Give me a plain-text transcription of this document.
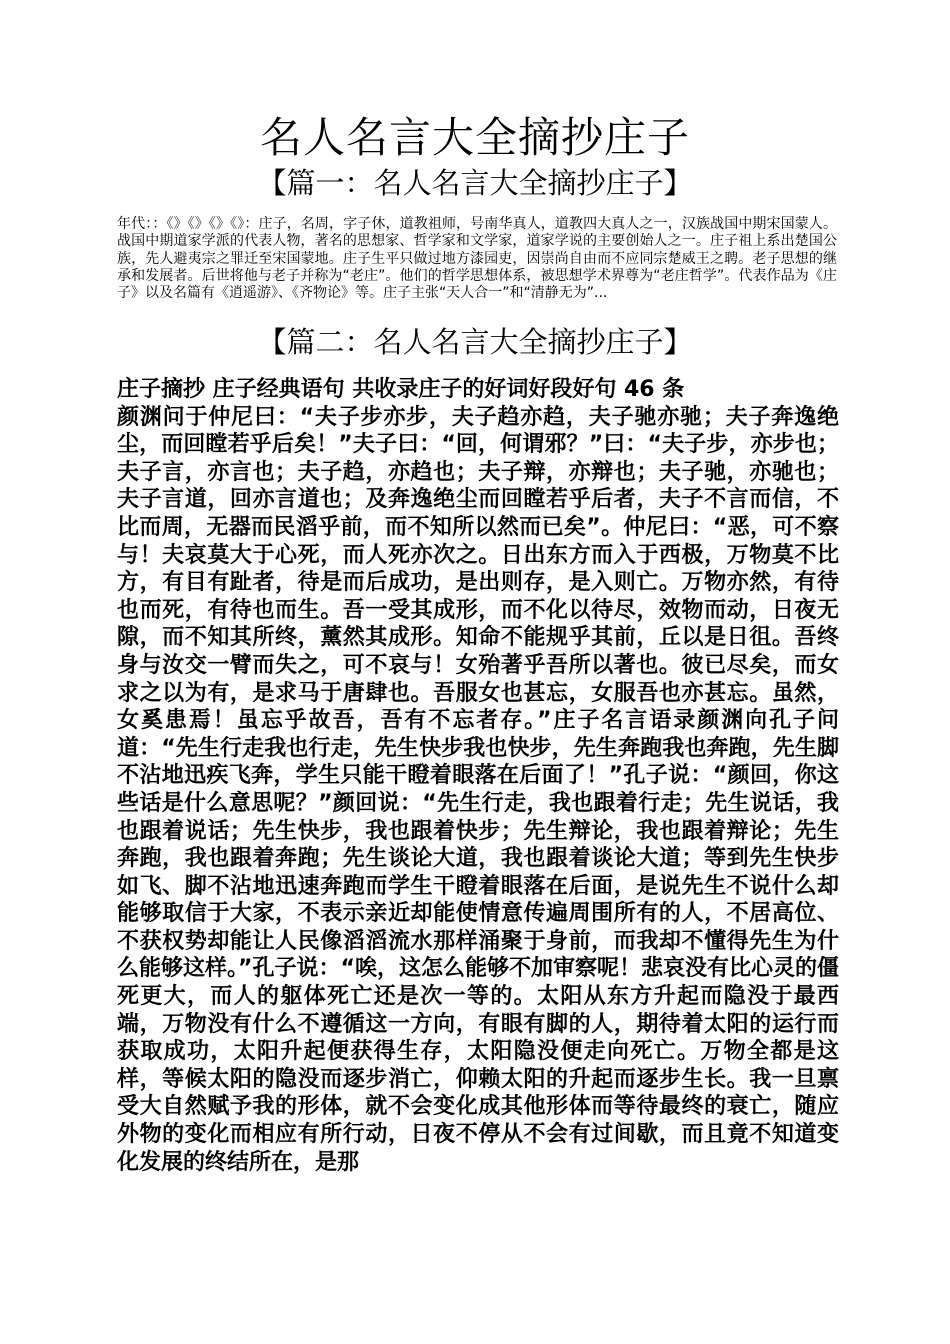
名人名言大全摘抄庄子
【篇一：名人名言大全摘抄庄子】

年代：：《》《》《》《》：庄子，名周，字子休，道教祖师，号南华真人，道教四大真人之一，汉族战国中期宋国蒙人。战国中期道家学派的代表人物，著名的思想家、哲学家和文学家，道家学说的主要创始人之一。庄子祖上系出楚国公族，先人避夷宗之罪迁至宋国蒙地。庄子生平只做过地方漆园吏，因崇尚自由而不应同宗楚威王之聘。老子思想的继承和发展者。后世将他与老子并称为“老庄”。他们的哲学思想体系，被思想学术界尊为“老庄哲学”。代表作品为《庄子》以及名篇有《逍遥游》、《齐物论》等。庄子主张“天人合一”和“清静无为”...

【篇二：名人名言大全摘抄庄子】

庄子摘抄 庄子经典语句 共收录庄子的好词好段好句 46 条
颜渊问于仲尼曰：“夫子步亦步，夫子趋亦趋，夫子驰亦驰；夫子奔逸绝尘，而回瞠若乎后矣！”夫子曰：“回，何谓邪？”曰：“夫子步，亦步也；夫子言，亦言也；夫子趋，亦趋也；夫子辩，亦辩也；夫子驰，亦驰也；夫子言道，回亦言道也；及奔逸绝尘而回瞠若乎后者，夫子不言而信，不比而周，无器而民滔乎前，而不知所以然而已矣”。仲尼曰：“恶，可不察与！夫哀莫大于心死，而人死亦次之。日出东方而入于西极，万物莫不比方，有目有趾者，待是而后成功，是出则存，是入则亡。万物亦然，有待也而死，有待也而生。吾一受其成形，而不化以待尽，效物而动，日夜无隙，而不知其所终，薰然其成形。知命不能规乎其前，丘以是日徂。吾终身与汝交一臂而失之，可不哀与！女殆著乎吾所以著也。彼已尽矣，而女求之以为有，是求马于唐肆也。吾服女也甚忘，女服吾也亦甚忘。虽然，女奚患焉！虽忘乎故吾，吾有不忘者存。”庄子名言语录颜渊向孔子问道：“先生行走我也行走，先生快步我也快步，先生奔跑我也奔跑，先生脚不沾地迅疾飞奔，学生只能干瞪着眼落在后面了！”孔子说：“颜回，你这些话是什么意思呢？”颜回说：“先生行走，我也跟着行走；先生说话，我也跟着说话；先生快步，我也跟着快步；先生辩论，我也跟着辩论；先生奔跑，我也跟着奔跑；先生谈论大道，我也跟着谈论大道；等到先生快步如飞、脚不沾地迅速奔跑而学生干瞪着眼落在后面，是说先生不说什么却能够取信于大家，不表示亲近却能使情意传遍周围所有的人，不居高位、不获权势却能让人民像滔滔流水那样涌聚于身前，而我却不懂得先生为什么能够这样。”孔子说：“唉，这怎么能够不加审察呢！悲哀没有比心灵的僵死更大，而人的躯体死亡还是次一等的。太阳从东方升起而隐没于最西端，万物没有什么不遵循这一方向，有眼有脚的人，期待着太阳的运行而获取成功，太阳升起便获得生存，太阳隐没便走向死亡。万物全都是这样，等候太阳的隐没而逐步消亡，仰赖太阳的升起而逐步生长。我一旦禀受大自然赋予我的形体，就不会变化成其他形体而等待最终的衰亡，随应外物的变化而相应有所行动，日夜不停从不会有过间歇，而且竟不知道变化发展的终结所在，是那
